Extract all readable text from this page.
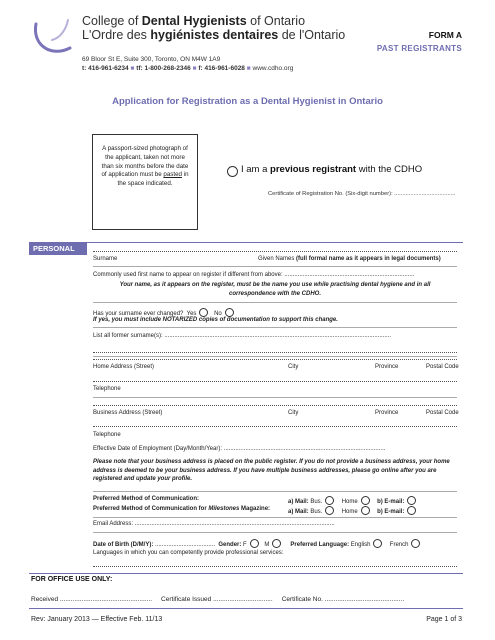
College of Dental Hygienists of Ontario
L'Ordre des hygiénistes dentaires de l'Ontario
69 Bloor St E, Suite 300, Toronto, ON M4W 1A9
t: 416-961-6234 ■ tf: 1-800-268-2346 ■ f: 416-961-6028 ■ www.cdho.org
FORM A
PAST REGISTRANTS
Application for Registration as a Dental Hygienist in Ontario
A passport-sized photograph of the applicant, taken not more than six months before the date of application must be pasted in the space indicated.
I am a previous registrant with the CDHO
Certificate of Registration No. (Six-digit number): ......................................
PERSONAL
Surname	Given Names (full formal name as it appears in legal documents)
Commonly used first name to appear on register if different from above: ..............................................................................
Your name, as it appears on the register, must be the name you use while practising dental hygiene and in all correspondence with the CDHO.
Has your surname ever changed? Yes	No
If yes, you must include NOTARIZED copies of documentation to support this change.
List all former surname(s): ........................................................................................................................................
Home Address (Street)	City	Province	Postal Code
Telephone
Business Address (Street)	City	Province	Postal Code
Telephone
Effective Date of Employment (Day/Month/Year): .................................................................................................
Please note that your business address is placed on the public register. If you do not provide a business address, your home address is deemed to be your business address. If you have multiple business addresses, please go online after you are registered and update your profile.
Preferred Method of Communication:	a) Mail: Bus.	Home	b) E-mail:
Preferred Method of Communication for Milestones Magazine:	a) Mail: Bus.	Home	b) E-mail:
Email Address: ........................................................................................................................
Date of Birth (D/M/Y): .................................... Gender: F	M	Preferred Language: English	French
Languages in which you can competently provide professional services:
FOR OFFICE USE ONLY:
Received ................................................... Certificate Issued ................................. Certificate No. ............................................
Rev: January 2013 — Effective Feb. 11/13	Page 1 of 3
